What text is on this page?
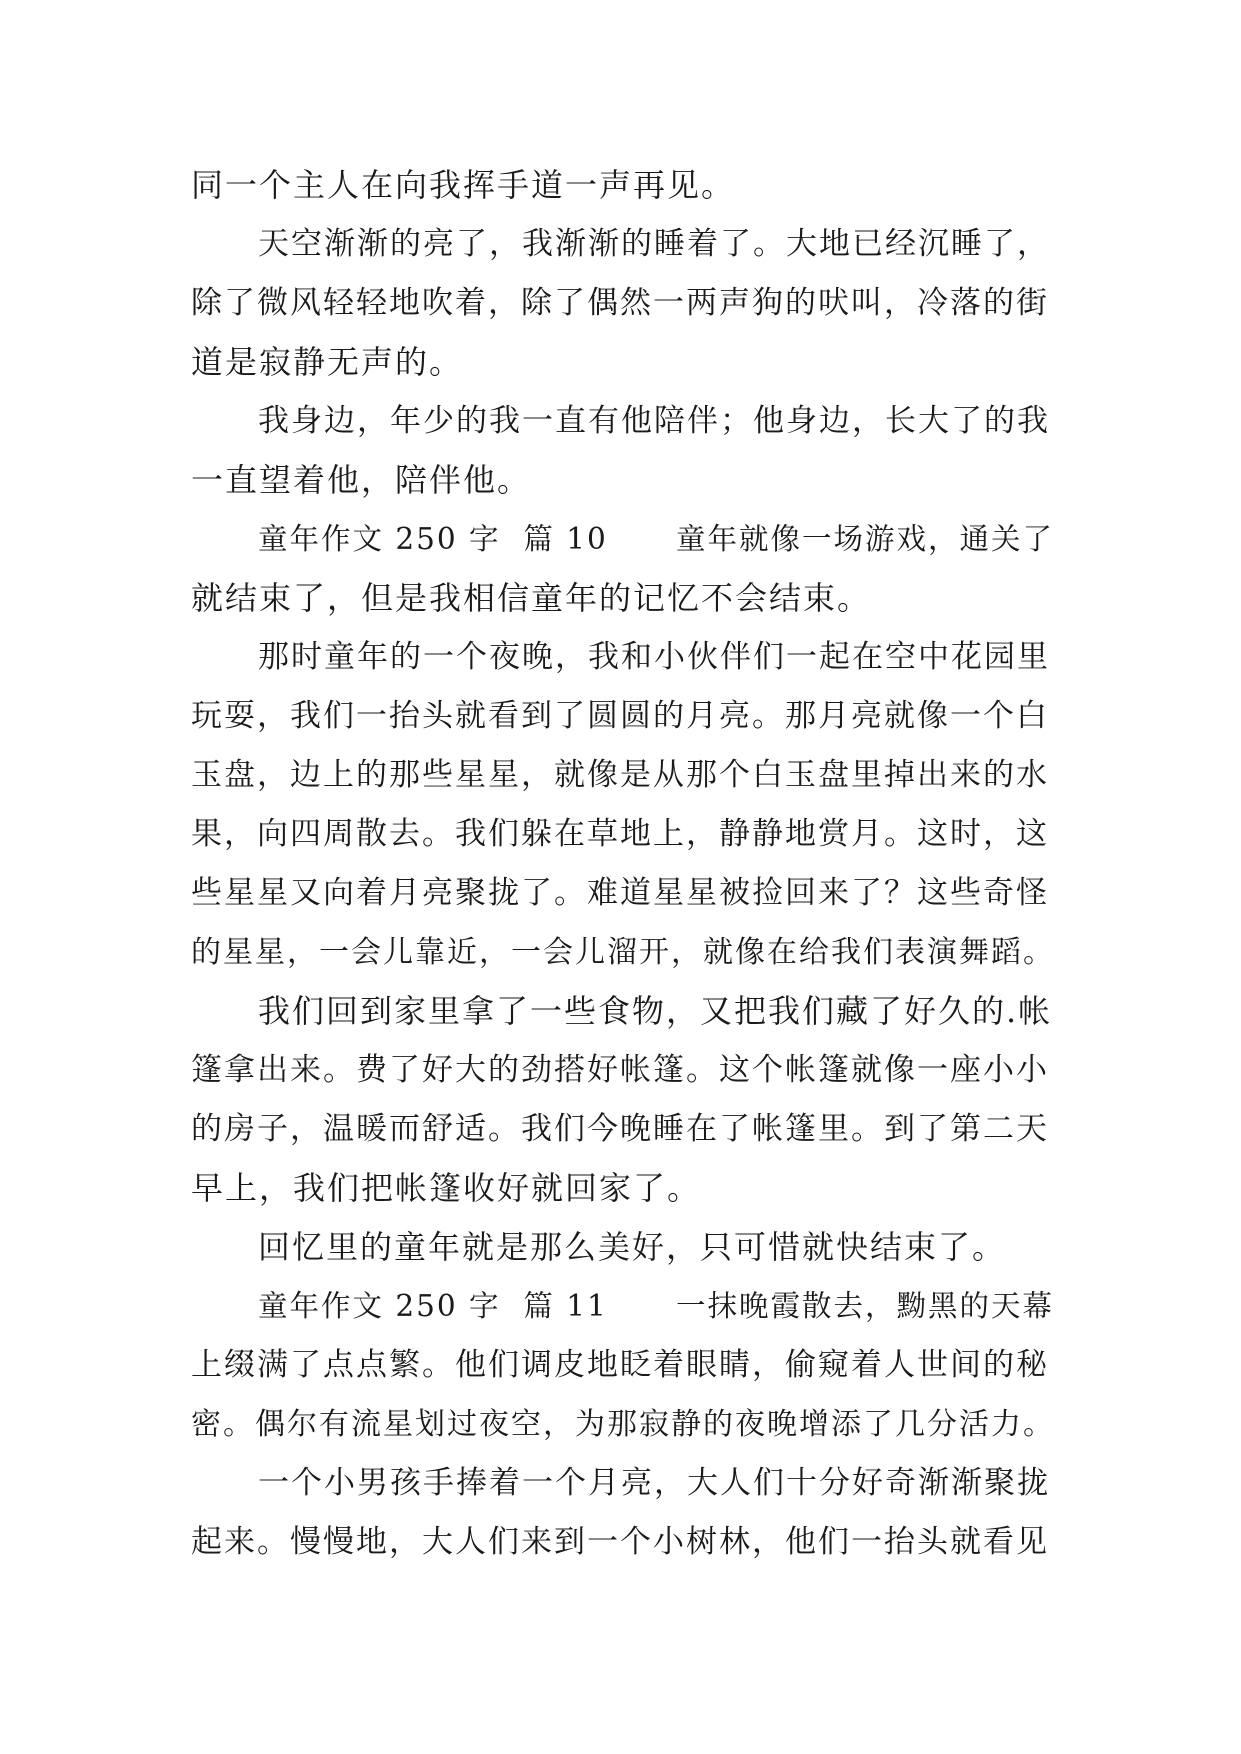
同一个主人在向我挥手道一声再见。
天空渐渐的亮了，我渐渐的睡着了。大地已经沉睡了，
除了微风轻轻地吹着，除了偶然一两声狗的吠叫，冷落的街
道是寂静无声的。
我身边，年少的我一直有他陪伴；他身边，长大了的我
一直望着他，陪伴他。
童年作文 250 字  篇 10      童年就像一场游戏，通关了
就结束了，但是我相信童年的记忆不会结束。
那时童年的一个夜晚，我和小伙伴们一起在空中花园里
玩耍，我们一抬头就看到了圆圆的月亮。那月亮就像一个白
玉盘，边上的那些星星，就像是从那个白玉盘里掉出来的水
果，向四周散去。我们躲在草地上，静静地赏月。这时，这
些星星又向着月亮聚拢了。难道星星被捡回来了？这些奇怪
的星星，一会儿靠近，一会儿溜开，就像在给我们表演舞蹈。
我们回到家里拿了一些食物，又把我们藏了好久的.帐
篷拿出来。费了好大的劲搭好帐篷。这个帐篷就像一座小小
的房子，温暖而舒适。我们今晚睡在了帐篷里。到了第二天
早上，我们把帐篷收好就回家了。
回忆里的童年就是那么美好，只可惜就快结束了。
童年作文 250 字  篇 11      一抹晚霞散去，黝黑的天幕
上缀满了点点繁。他们调皮地眨着眼睛，偷窥着人世间的秘
密。偶尔有流星划过夜空，为那寂静的夜晚增添了几分活力。
一个小男孩手捧着一个月亮，大人们十分好奇渐渐聚拢
起来。慢慢地，大人们来到一个小树林，他们一抬头就看见
